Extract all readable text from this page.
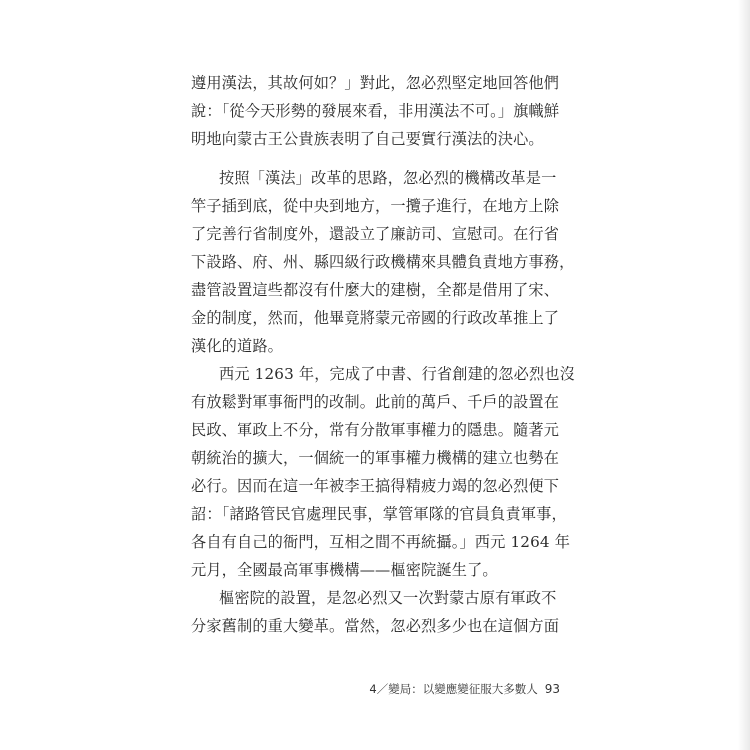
遵用漢法，其故何如？」對此，忽必烈堅定地回答他們

說：「從今天形勢的發展來看，非用漢法不可。」旗幟鮮

明地向蒙古王公貴族表明了自己要實行漢法的決心。

按照「漢法」改革的思路，忽必烈的機構改革是一

竿子插到底，從中央到地方，一攬子進行，在地方上除

了完善行省制度外，還設立了廉訪司、宣慰司。在行省

下設路、府、州、縣四級行政機構來具體負責地方事務，

盡管設置這些都沒有什麼大的建樹，全都是借用了宋、

金的制度，然而，他畢竟將蒙元帝國的行政改革推上了

漢化的道路。

西元 1263 年，完成了中書、行省創建的忽必烈也沒

有放鬆對軍事衙門的改制。此前的萬戶、千戶的設置在

民政、軍政上不分，常有分散軍事權力的隱患。隨著元

朝統治的擴大，一個統一的軍事權力機構的建立也勢在

必行。因而在這一年被李王搞得精疲力竭的忽必烈便下

詔：「諸路管民官處理民事，掌管軍隊的官員負責軍事，

各自有自己的衙門，互相之間不再統攝。」西元 1264 年

元月，全國最高軍事機構——樞密院誕生了。

樞密院的設置，是忽必烈又一次對蒙古原有軍政不

分家舊制的重大變革。當然，忽必烈多少也在這個方面

4／變局：以變應變征服大多數人 93
